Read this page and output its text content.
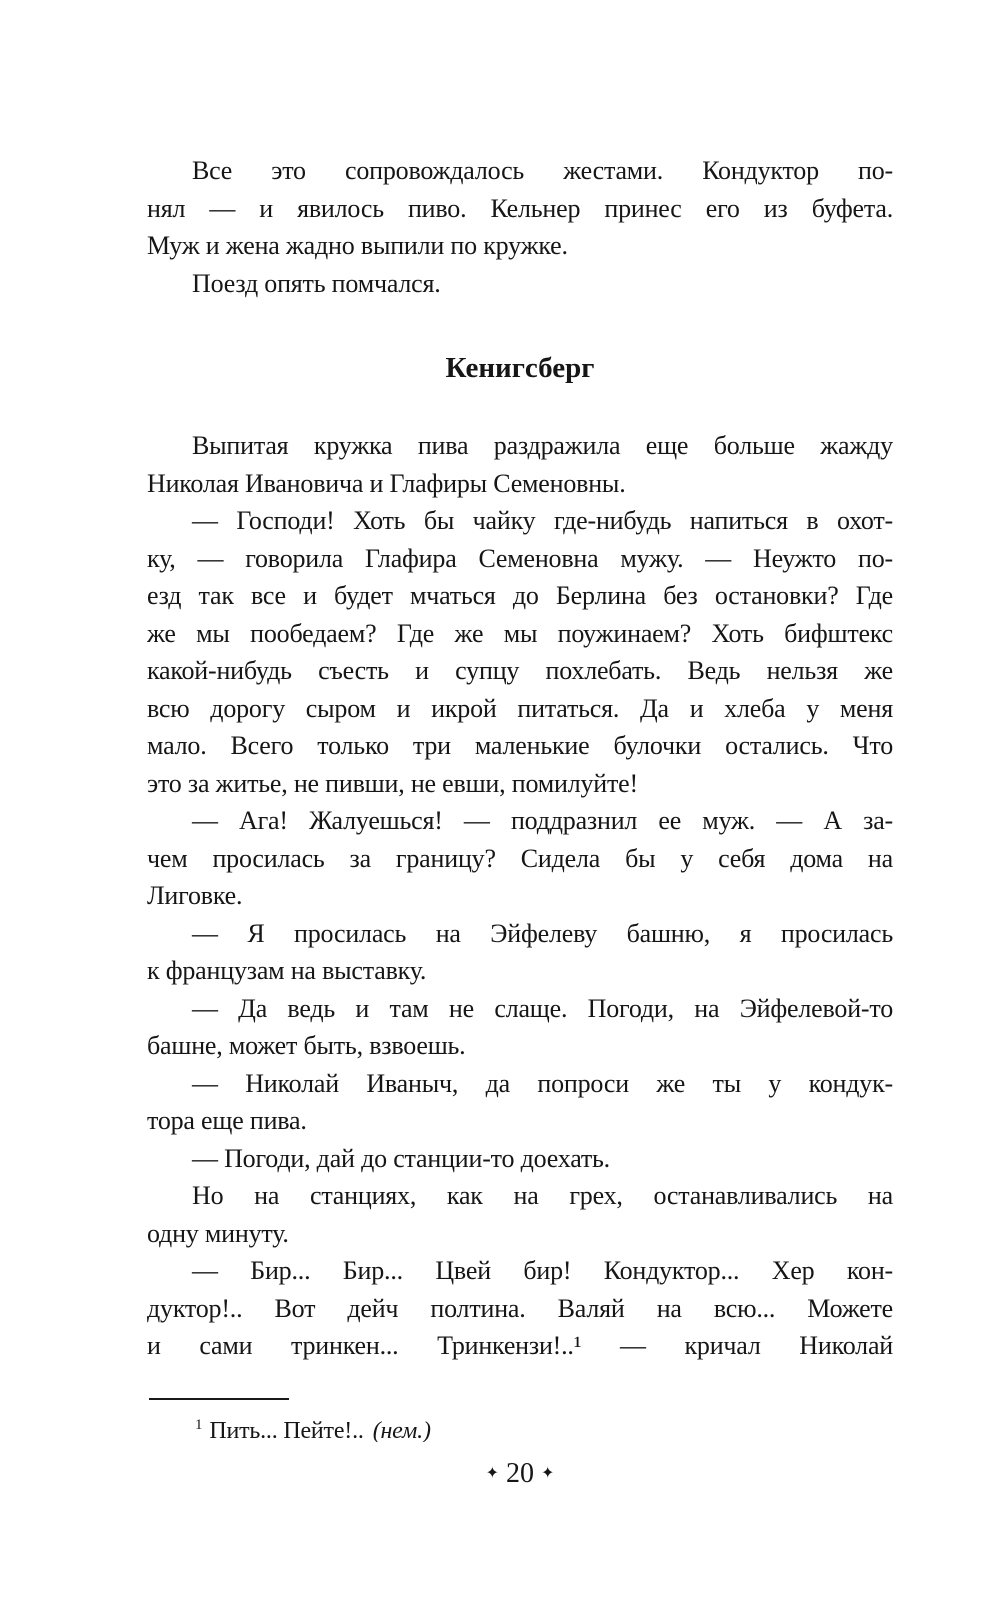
Все это сопровождалось жестами. Кондуктор по-
нял — и явилось пиво. Кельнер принес его из буфета.
Муж и жена жадно выпили по кружке.
Поезд опять помчался.
Кенигсберг
Выпитая кружка пива раздражила еще больше жажду
Николая Ивановича и Глафиры Семеновны.
— Господи! Хоть бы чайку где-нибудь напиться в охот-
ку, — говорила Глафира Семеновна мужу. — Неужто по-
езд так все и будет мчаться до Берлина без остановки? Где
же мы пообедаем? Где же мы поужинаем? Хоть бифштекс
какой-нибудь съесть и супцу похлебать. Ведь нельзя же
всю дорогу сыром и икрой питаться. Да и хлеба у меня
мало. Всего только три маленькие булочки остались. Что
это за житье, не пивши, не евши, помилуйте!
— Ага! Жалуешься! — поддразнил ее муж. — А за-
чем просилась за границу? Сидела бы у себя дома на
Лиговке.
— Я просилась на Эйфелеву башню, я просилась
к французам на выставку.
— Да ведь и там не слаще. Погоди, на Эйфелевой-то
башне, может быть, взвоешь.
— Николай Иваныч, да попроси же ты у кондук-
тора еще пива.
— Погоди, дай до станции-то доехать.
Но на станциях, как на грех, останавливались на
одну минуту.
— Бир... Бир... Цвей бир! Кондуктор... Хер кон-
дуктор!.. Вот дейч полтина. Валяй на всю... Можете
и сами тринкен... Тринкензи!..¹ — кричал Николай
$^1$ Пить... Пейте!.. (нем.)
✦ 20 ✦
